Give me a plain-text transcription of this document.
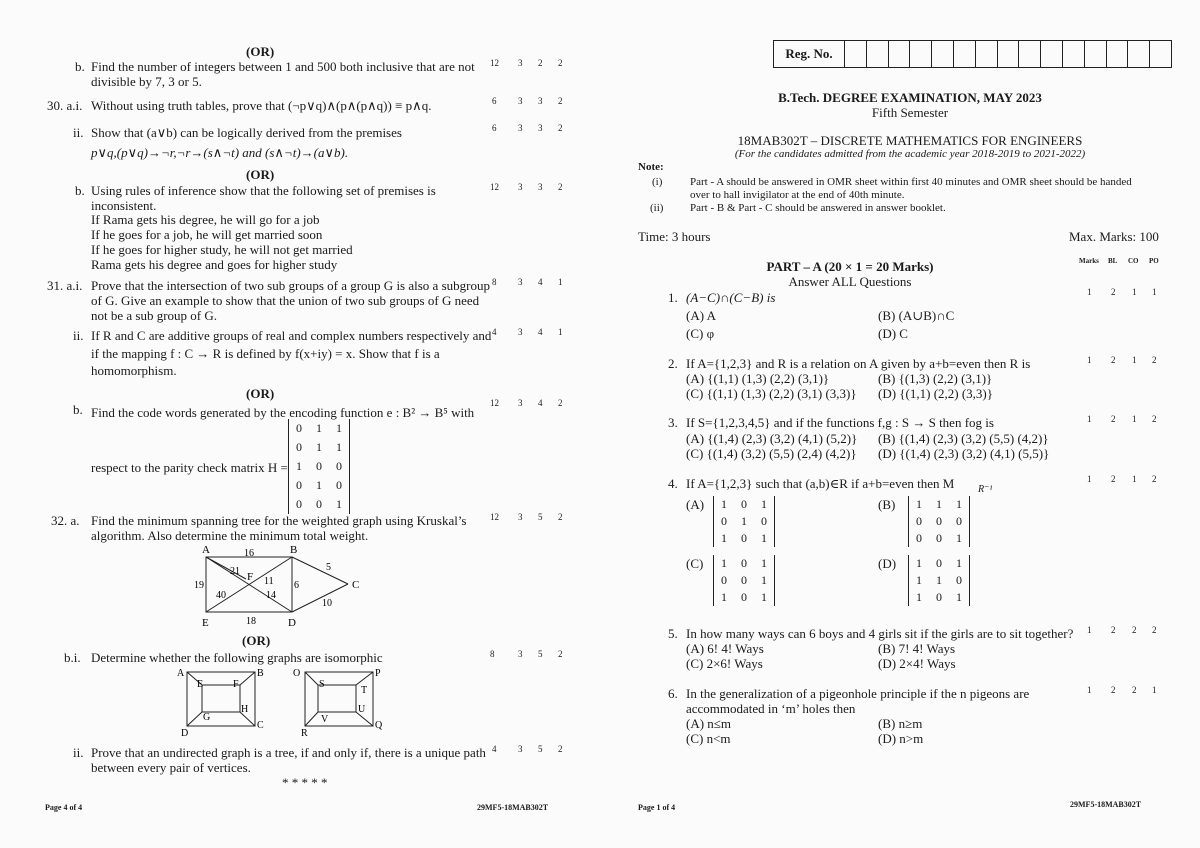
(OR)
b. Find the number of integers between 1 and 500 both inclusive that are not
divisible by 7, 3 or 5.
12 3 2 2
30. a.i. Without using truth tables, prove that (¬p∨q)∧(p∧(p∧q)) ≡ p∧q.	6 3 3 2
ii. Show that (a∨b) can be logically derived from the premises
p∨q,(p∨q)→¬r,¬r→(s∧¬t) and (s∧¬t)→(a∨b).
6 3 3 2
(OR)
b. Using rules of inference show that the following set of premises is
inconsistent.
If Rama gets his degree, he will go for a job
If he goes for a job, he will get married soon
If he goes for higher study, he will not get married
Rama gets his degree and goes for higher study
12 3 3 2
31. a.i. Prove that the intersection of two sub groups of a group G is also a subgroup
of G. Give an example to show that the union of two sub groups of G need
not be a sub group of G.
8 3 4 1
ii. If R and C are additive groups of real and complex numbers respectively and
if the mapping f : C → R is defined by f(x+iy) = x. Show that f is a
homomorphism.
4 3 4 1
(OR)
b. Find the code words generated by the encoding function e : B² → B⁵ with
respect to the parity check matrix H =
0 1 1
0 1 1
1 0 0
0 1 0
0 0 1
12 3 4 2
32. a. Find the minimum spanning tree for the weighted graph using Kruskal’s
algorithm. Also determine the minimum total weight.
12 3 5 2
A	B
C
D
E
F
16
5
21
11
19
40	14
6
10
18
(OR)
b.i. Determine whether the following graphs are isomorphic	8	3 5 2
A	B
C
D
E	F
G
H
O	P
Q
R
S
T
U
V
ii. Prove that an undirected graph is a tree, if and only if, there is a unique path
between every pair of vertices.
4 3 5 2
* * * * *
Page 4 of 4	29MF5-18MAB302T
Reg. No.
B.Tech. DEGREE EXAMINATION, MAY 2023
Fifth Semester
18MAB302T – DISCRETE MATHEMATICS FOR ENGINEERS
(For the candidates admitted from the academic year 2018-2019 to 2021-2022)
Note:
(i)	Part - A should be answered in OMR sheet within first 40 minutes and OMR sheet should be handed
over to hall invigilator at the end of 40th minute.
(ii) Part - B & Part - C should be answered in answer booklet.
Time: 3 hours	Max. Marks: 100
PART – A (20 × 1 = 20 Marks)
Answer ALL Questions
Marks BL CO PO
1. (A−C)∩(C−B) is
(A) A	(B) (A∪B)∩C
(C) φ	(D) C
1 2 1 1
2. If A={1,2,3} and R is a relation on A given by a+b=even then R is
(A) {(1,1) (1,3) (2,2) (3,1)}	(B) {(1,3) (2,2) (3,1)}
(C) {(1,1) (1,3) (2,2) (3,1) (3,3)} (D) {(1,1) (2,2) (3,3)}
1 2 1 2
3. If S={1,2,3,4,5} and if the functions f,g : S → S then fog is
(A) {(1,4) (2,3) (3,2) (4,1) (5,2)} (B) {(1,4) (2,3) (3,2) (5,5) (4,2)}
(C) {(1,4) (3,2) (5,5) (2,4) (4,2)} (D) {(1,4) (2,3) (3,2) (4,1) (5,5)}
1 2 1 2
4. If A={1,2,3} such that (a,b)∈R if a+b=even then M R⁻¹
(A)	1 0 1
0 1 0
1 0 1
(B)	1 1 1
0 0 0
0 0 1
(C)	1 0 1
0 0 1
1 0 1
(D)	1 0 1
1 1 0
1 0 1
1 2 1 2
5. In how many ways can 6 boys and 4 girls sit if the girls are to sit together?
(A) 6! 4! Ways	(B) 7! 4! Ways
(C) 2×6! Ways	(D) 2×4! Ways
1 2 2 2
6. In the generalization of a pigeonhole principle if the n pigeons are
accommodated in ‘m’ holes then
(A) n≤m	(B) n≥m
(C) n<m	(D) n>m
1 2 2 1
Page 1 of 4	29MF5-18MAB302T
